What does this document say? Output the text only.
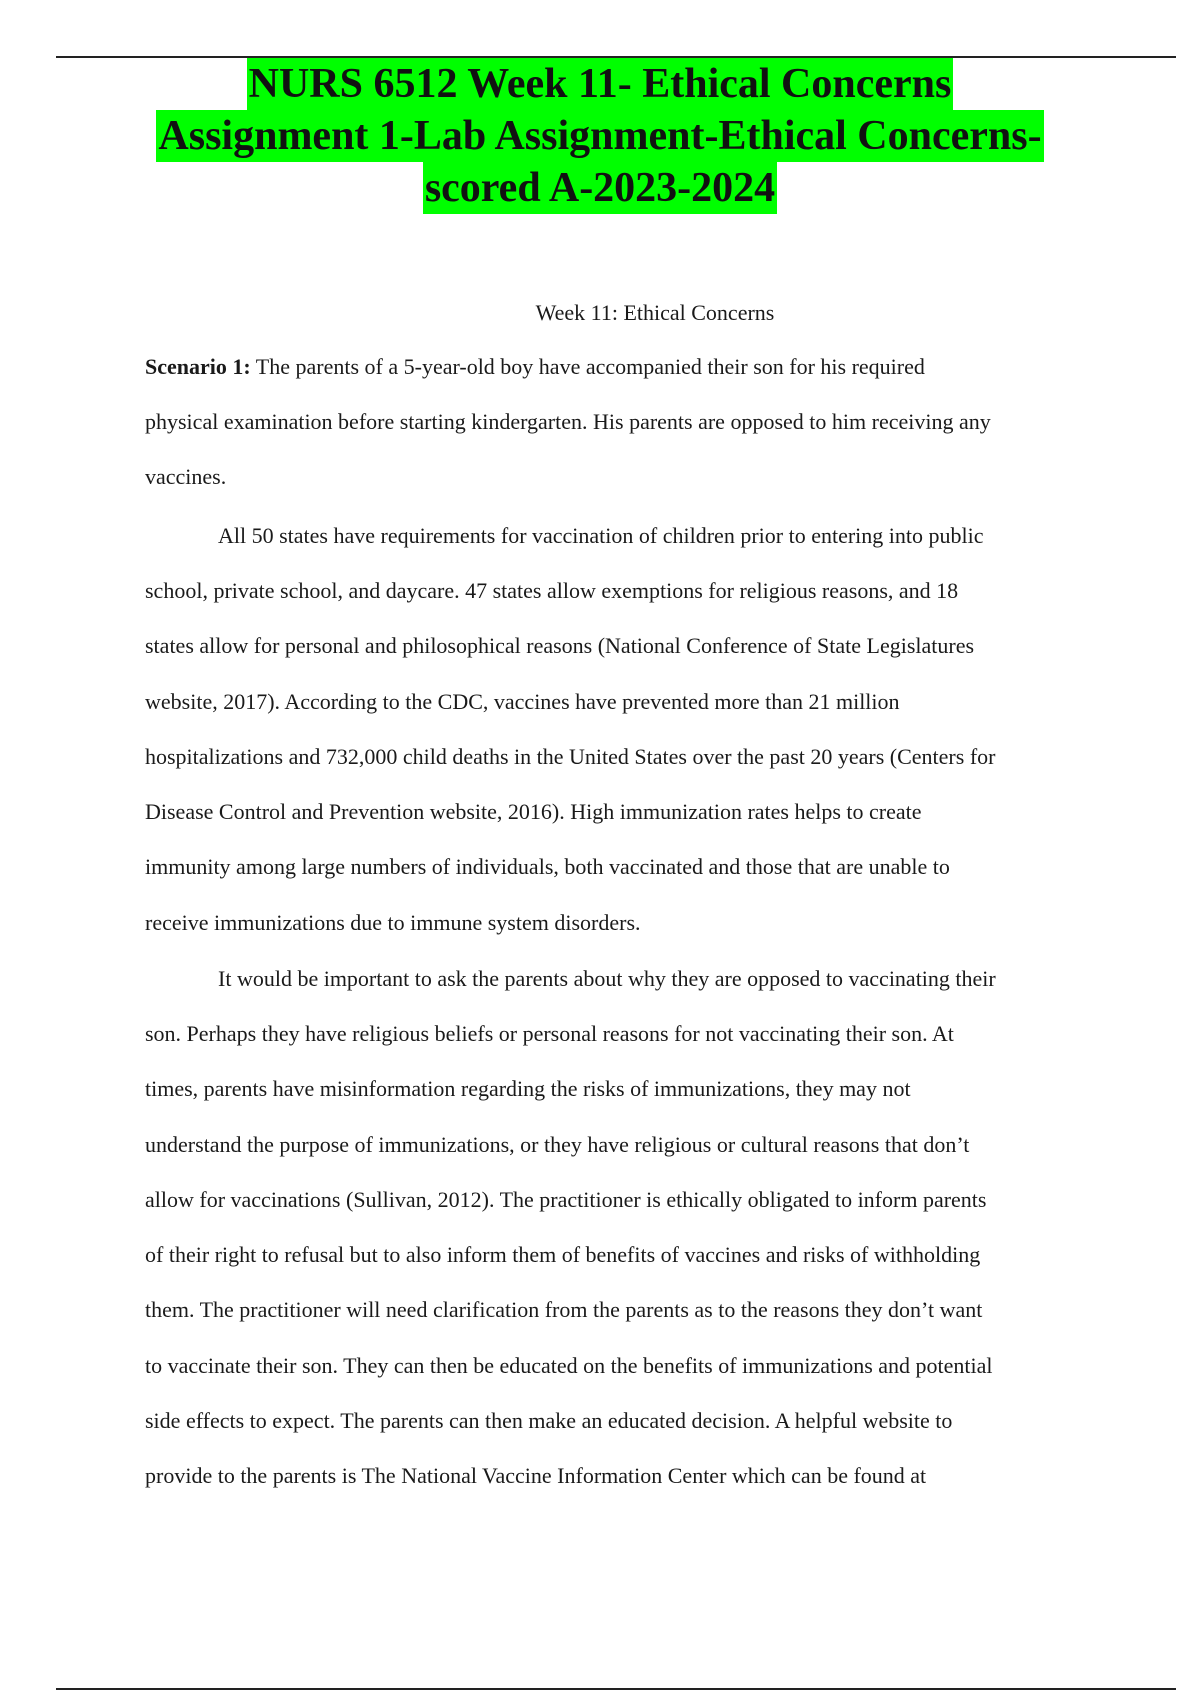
NURS 6512 Week 11- Ethical Concerns
Assignment 1-Lab Assignment-Ethical Concerns-
scored A-2023-2024
Week 11: Ethical Concerns
Scenario 1: The parents of a 5-year-old boy have accompanied their son for his required
physical examination before starting kindergarten. His parents are opposed to him receiving any
vaccines.
All 50 states have requirements for vaccination of children prior to entering into public
school, private school, and daycare. 47 states allow exemptions for religious reasons, and 18
states allow for personal and philosophical reasons (National Conference of State Legislatures
website, 2017). According to the CDC, vaccines have prevented more than 21 million
hospitalizations and 732,000 child deaths in the United States over the past 20 years (Centers for
Disease Control and Prevention website, 2016). High immunization rates helps to create
immunity among large numbers of individuals, both vaccinated and those that are unable to
receive immunizations due to immune system disorders.
It would be important to ask the parents about why they are opposed to vaccinating their
son. Perhaps they have religious beliefs or personal reasons for not vaccinating their son. At
times, parents have misinformation regarding the risks of immunizations, they may not
understand the purpose of immunizations, or they have religious or cultural reasons that don’t
allow for vaccinations (Sullivan, 2012). The practitioner is ethically obligated to inform parents
of their right to refusal but to also inform them of benefits of vaccines and risks of withholding
them. The practitioner will need clarification from the parents as to the reasons they don’t want
to vaccinate their son. They can then be educated on the benefits of immunizations and potential
side effects to expect. The parents can then make an educated decision. A helpful website to
provide to the parents is The National Vaccine Information Center which can be found at
